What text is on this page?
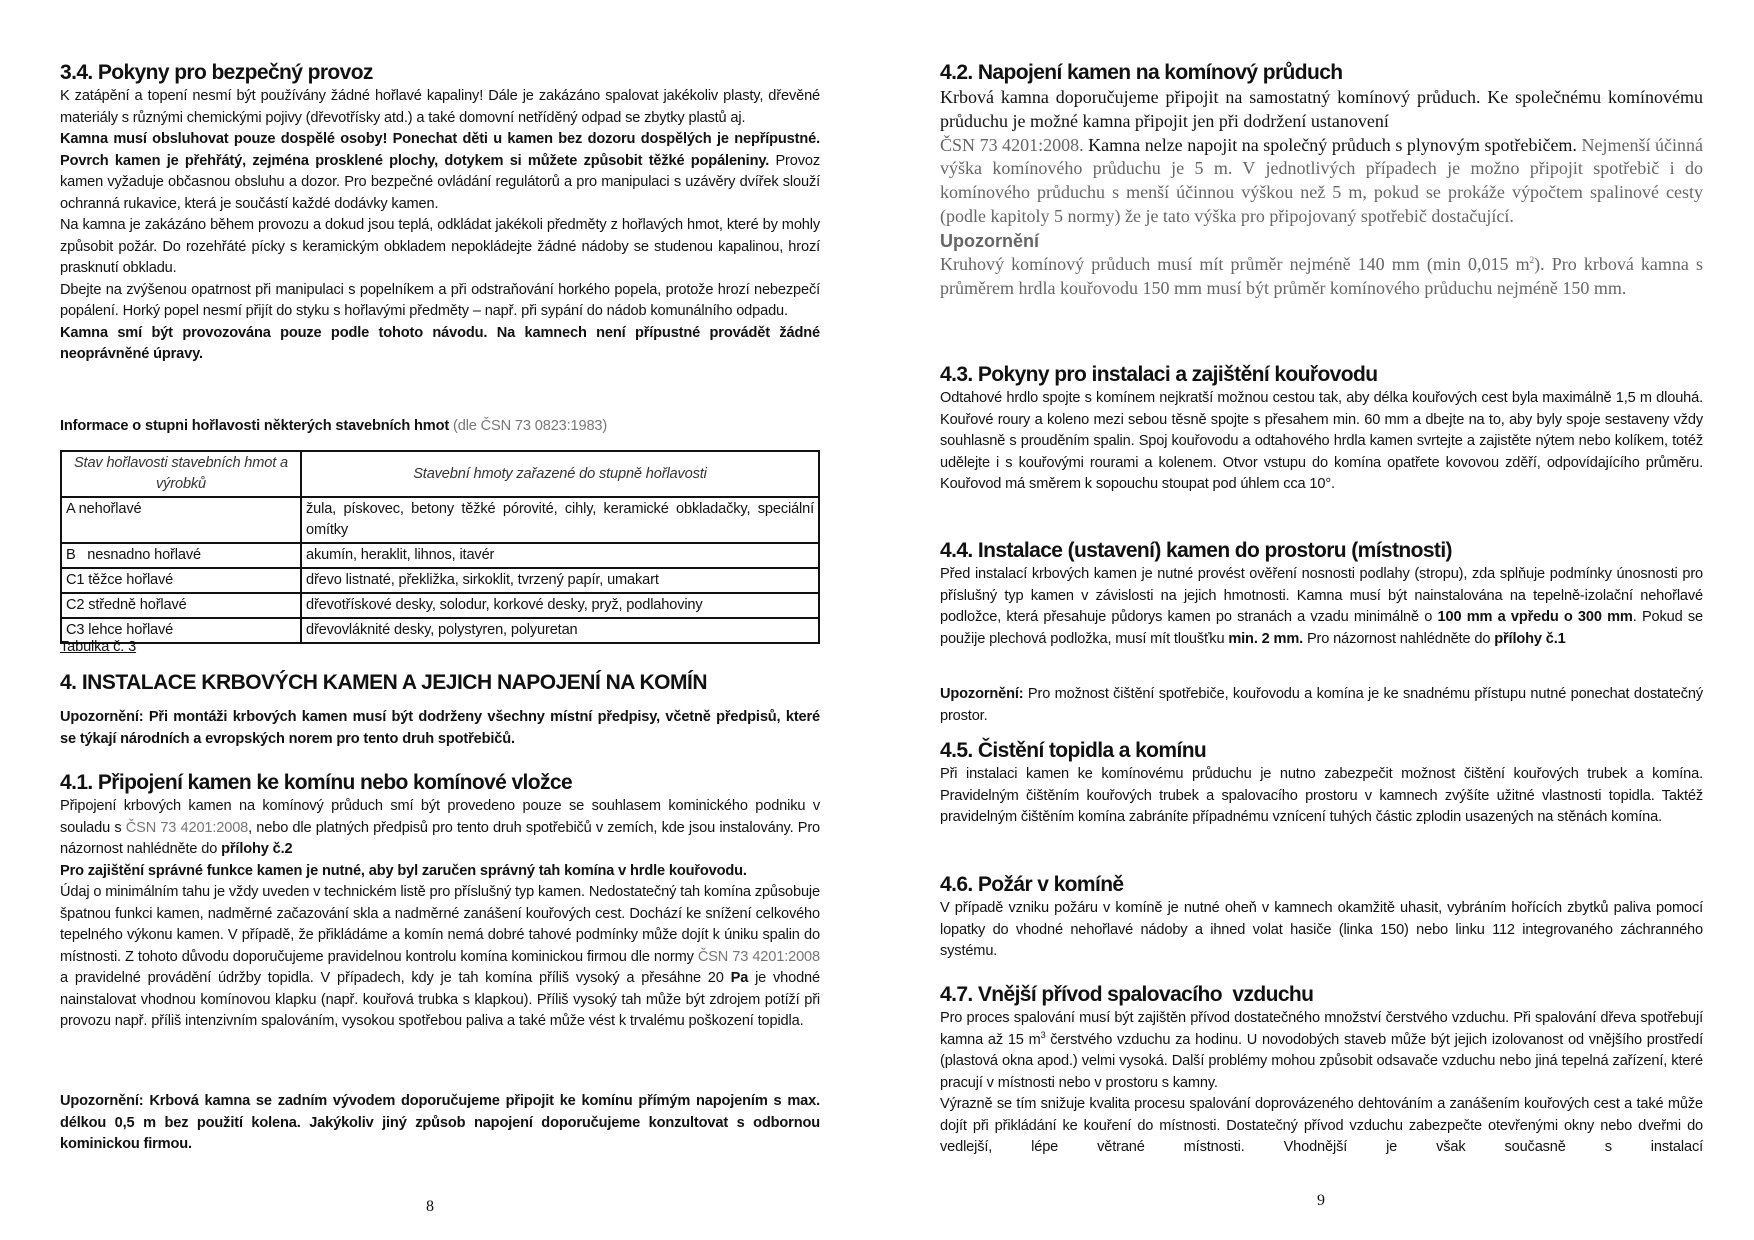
3.4. Pokyny pro bezpečný provoz

K zatápění a topení nesmí být používány žádné hořlavé kapaliny! Dále je zakázáno spalovat jakékoliv plasty, dřevěné materiály s různými chemickými pojivy (dřevotřísky atd.) a také domovní netříděný odpad se zbytky plastů aj.

Kamna musí obsluhovat pouze dospělé osoby! Ponechat děti u kamen bez dozoru dospělých je nepřípustné. Povrch kamen je přehřátý, zejména prosklené plochy, dotykem si můžete způsobit těžké popáleniny. Provoz kamen vyžaduje občasnou obsluhu a dozor. Pro bezpečné ovládání regulátorů a pro manipulaci s uzávěry dvířek slouží ochranná rukavice, která je součástí každé dodávky kamen.

Na kamna je zakázáno během provozu a dokud jsou teplá, odkládat jakékoli předměty z hořlavých hmot, které by mohly způsobit požár. Do rozehřáté pícky s keramickým obkladem nepokládejte žádné nádoby se studenou kapalinou, hrozí prasknutí obkladu.

Dbejte na zvýšenou opatrnost při manipulaci s popelníkem a při odstraňování horkého popela, protože hrozí nebezpečí popálení. Horký popel nesmí přijít do styku s hořlavými předměty – např. při sypání do nádob komunálního odpadu.

Kamna smí být provozována pouze podle tohoto návodu. Na kamnech není přípustné provádět žádné neoprávněné úpravy.

Informace o stupni hořlavosti některých stavebních hmot (dle ČSN 73 0823:1983)

Stav hořlavosti stavebních hmot a výrobků	Stavební hmoty zařazené do stupně hořlavosti
A nehořlavé	žula, pískovec, betony těžké pórovité, cihly, keramické obkladačky, speciální omítky
B   nesnadno hořlavé	akumín, heraklit, lihnos, itavér
C1 těžce hořlavé	dřevo listnaté, překližka, sirkoklit, tvrzený papír, umakart
C2 středně hořlavé	dřevotřískové desky, solodur, korkové desky, pryž, podlahoviny
C3 lehce hořlavé	dřevovláknité desky, polystyren, polyuretan

Tabulka č. 3

4. INSTALACE KRBOVÝCH KAMEN A JEJICH NAPOJENÍ NA KOMÍN

Upozornění: Při montáži krbových kamen musí být dodrženy všechny místní předpisy, včetně předpisů, které se týkají národních a evropských norem pro tento druh spotřebičů.

4.1. Připojení kamen ke komínu nebo komínové vložce

Připojení krbových kamen na komínový průduch smí být provedeno pouze se souhlasem kominického podniku v souladu s ČSN 73 4201:2008, nebo dle platných předpisů pro tento druh spotřebičů v zemích, kde jsou instalovány. Pro názornost nahlédněte do přílohy č.2

Pro zajištění správné funkce kamen je nutné, aby byl zaručen správný tah komína v hrdle kouřovodu.

Údaj o minimálním tahu je vždy uveden v technickém listě pro příslušný typ kamen. Nedostatečný tah komína způsobuje špatnou funkci kamen, nadměrné začazování skla a nadměrné zanášení kouřových cest. Dochází ke snížení celkového tepelného výkonu kamen. V případě, že přikládáme a komín nemá dobré tahové podmínky může dojít k úniku spalin do místnosti. Z tohoto důvodu doporučujeme pravidelnou kontrolu komína kominickou firmou dle normy ČSN 73 4201:2008 a pravidelné provádění údržby topidla. V případech, kdy je tah komína příliš vysoký a přesáhne 20 Pa je vhodné nainstalovat vhodnou komínovou klapku (např. kouřová trubka s klapkou). Příliš vysoký tah může být zdrojem potíží při provozu např. příliš intenzivním spalováním, vysokou spotřebou paliva a také může vést k trvalému poškození topidla.

Upozornění: Krbová kamna se zadním vývodem doporučujeme připojit ke komínu přímým napojením s max. délkou 0,5 m bez použití kolena. Jakýkoliv jiný způsob napojení doporučujeme konzultovat s odbornou kominickou firmou.

8
4.2. Napojení kamen na komínový průduch

Krbová kamna doporučujeme připojit na samostatný komínový průduch. Ke společnému komínovému průduchu je možné kamna připojit jen při dodržení ustanovení
ČSN 73 4201:2008. Kamna nelze napojit na společný průduch s plynovým spotřebičem. Nejmenší účinná výška komínového průduchu je 5 m. V jednotlivých případech je možno připojit spotřebič i do komínového průduchu s menší účinnou výškou než 5 m, pokud se prokáže výpočtem spalinové cesty (podle kapitoly 5 normy) že je tato výška pro připojovaný spotřebič dostačující.

Upozornění

Kruhový komínový průduch musí mít průměr nejméně 140 mm (min 0,015 $m^2$). Pro krbová kamna s průměrem hrdla kouřovodu 150 mm musí být průměr komínového průduchu nejméně 150 mm.

4.3. Pokyny pro instalaci a zajištění kouřovodu

Odtahové hrdlo spojte s komínem nejkratší možnou cestou tak, aby délka kouřových cest byla maximálně 1,5 m dlouhá. Kouřové roury a koleno mezi sebou těsně spojte s přesahem min. 60 mm a dbejte na to, aby byly spoje sestaveny vždy souhlasně s prouděním spalin. Spoj kouřovodu a odtahového hrdla kamen svrtejte a zajistěte nýtem nebo kolíkem, totéž udělejte i s kouřovými rourami a kolenem. Otvor vstupu do komína opatřete kovovou zděří, odpovídajícího průměru. Kouřovod má směrem k sopouchu stoupat pod úhlem cca 10°.

4.4. Instalace (ustavení) kamen do prostoru (místnosti)

Před instalací krbových kamen je nutné provést ověření nosnosti podlahy (stropu), zda splňuje podmínky únosnosti pro příslušný typ kamen v závislosti na jejich hmotnosti. Kamna musí být nainstalována na tepelně-izolační nehořlavé podložce, která přesahuje půdorys kamen po stranách a vzadu minimálně o 100 mm a vpředu o 300 mm. Pokud se použije plechová podložka, musí mít tloušťku min. 2 mm. Pro názornost nahlédněte do přílohy č.1

Upozornění: Pro možnost čištění spotřebiče, kouřovodu a komína je ke snadnému přístupu nutné ponechat dostatečný prostor.

4.5. Čistění topidla a komínu

Při instalaci kamen ke komínovému průduchu je nutno zabezpečit možnost čištění kouřových trubek a komína. Pravidelným čištěním kouřových trubek a spalovacího prostoru v kamnech zvýšíte užitné vlastnosti topidla. Taktéž pravidelným čištěním komína zabráníte případnému vznícení tuhých částic zplodin usazených na stěnách komína.

4.6. Požár v komíně

V případě vzniku požáru v komíně je nutné oheň v kamnech okamžitě uhasit, vybráním hořících zbytků paliva pomocí lopatky do vhodné nehořlavé nádoby a ihned volat hasiče (linka 150) nebo linku 112 integrovaného záchranného systému.

4.7. Vnější přívod spalovacího  vzduchu

Pro proces spalování musí být zajištěn přívod dostatečného množství čerstvého vzduchu. Při spalování dřeva spotřebují kamna až 15 $m^3$ čerstvého vzduchu za hodinu. U novodobých staveb může být jejich izolovanost od vnějšího prostředí (plastová okna apod.) velmi vysoká. Další problémy mohou způsobit odsavače vzduchu nebo jiná tepelná zařízení, které pracují v místnosti nebo v prostoru s kamny.

Výrazně se tím snižuje kvalita procesu spalování doprovázeného dehtováním a zanášením kouřových cest a také může dojít při přikládání ke kouření do místnosti. Dostatečný přívod vzduchu zabezpečte otevřenými okny nebo dveřmi do vedlejší, lépe větrané místnosti. Vhodnější je však současně s instalací

9
